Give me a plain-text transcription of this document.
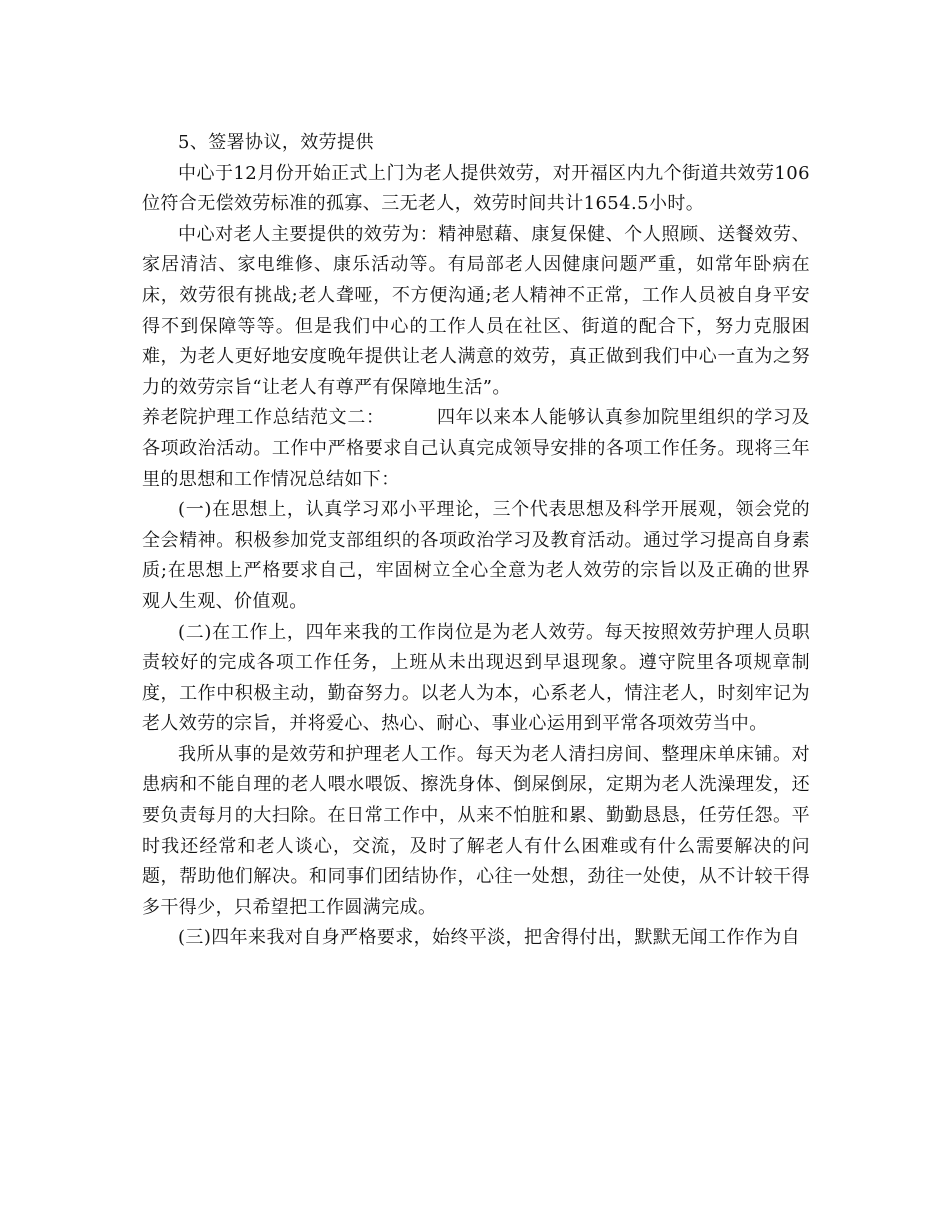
5、签署协议，效劳提供

中心于12月份开始正式上门为老人提供效劳，对开福区内九个街道共效劳106位符合无偿效劳标准的孤寡、三无老人，效劳时间共计1654.5小时。

中心对老人主要提供的效劳为：精神慰藉、康复保健、个人照顾、送餐效劳、家居清洁、家电维修、康乐活动等。有局部老人因健康问题严重，如常年卧病在床，效劳很有挑战;老人聋哑，不方便沟通;老人精神不正常，工作人员被自身平安得不到保障等等。但是我们中心的工作人员在社区、街道的配合下，努力克服困难，为老人更好地安度晚年提供让老人满意的效劳，真正做到我们中心一直为之努力的效劳宗旨“让老人有尊严有保障地生活”。

养老院护理工作总结范文二：	四年以来本人能够认真参加院里组织的学习及各项政治活动。工作中严格要求自己认真完成领导安排的各项工作任务。现将三年里的思想和工作情况总结如下：

(一)在思想上，认真学习邓小平理论，三个代表思想及科学开展观，领会党的全会精神。积极参加党支部组织的各项政治学习及教育活动。通过学习提高自身素质;在思想上严格要求自己，牢固树立全心全意为老人效劳的宗旨以及正确的世界观人生观、价值观。

(二)在工作上，四年来我的工作岗位是为老人效劳。每天按照效劳护理人员职责较好的完成各项工作任务，上班从未出现迟到早退现象。遵守院里各项规章制度，工作中积极主动，勤奋努力。以老人为本，心系老人，情注老人，时刻牢记为老人效劳的宗旨，并将爱心、热心、耐心、事业心运用到平常各项效劳当中。

我所从事的是效劳和护理老人工作。每天为老人清扫房间、整理床单床铺。对患病和不能自理的老人喂水喂饭、擦洗身体、倒屎倒尿，定期为老人洗澡理发，还要负责每月的大扫除。在日常工作中，从来不怕脏和累、勤勤恳恳，任劳任怨。平时我还经常和老人谈心，交流，及时了解老人有什么困难或有什么需要解决的问题，帮助他们解决。和同事们团结协作，心往一处想，劲往一处使，从不计较干得多干得少，只希望把工作圆满完成。

(三)四年来我对自身严格要求，始终平淡，把舍得付出，默默无闻工作作为自
